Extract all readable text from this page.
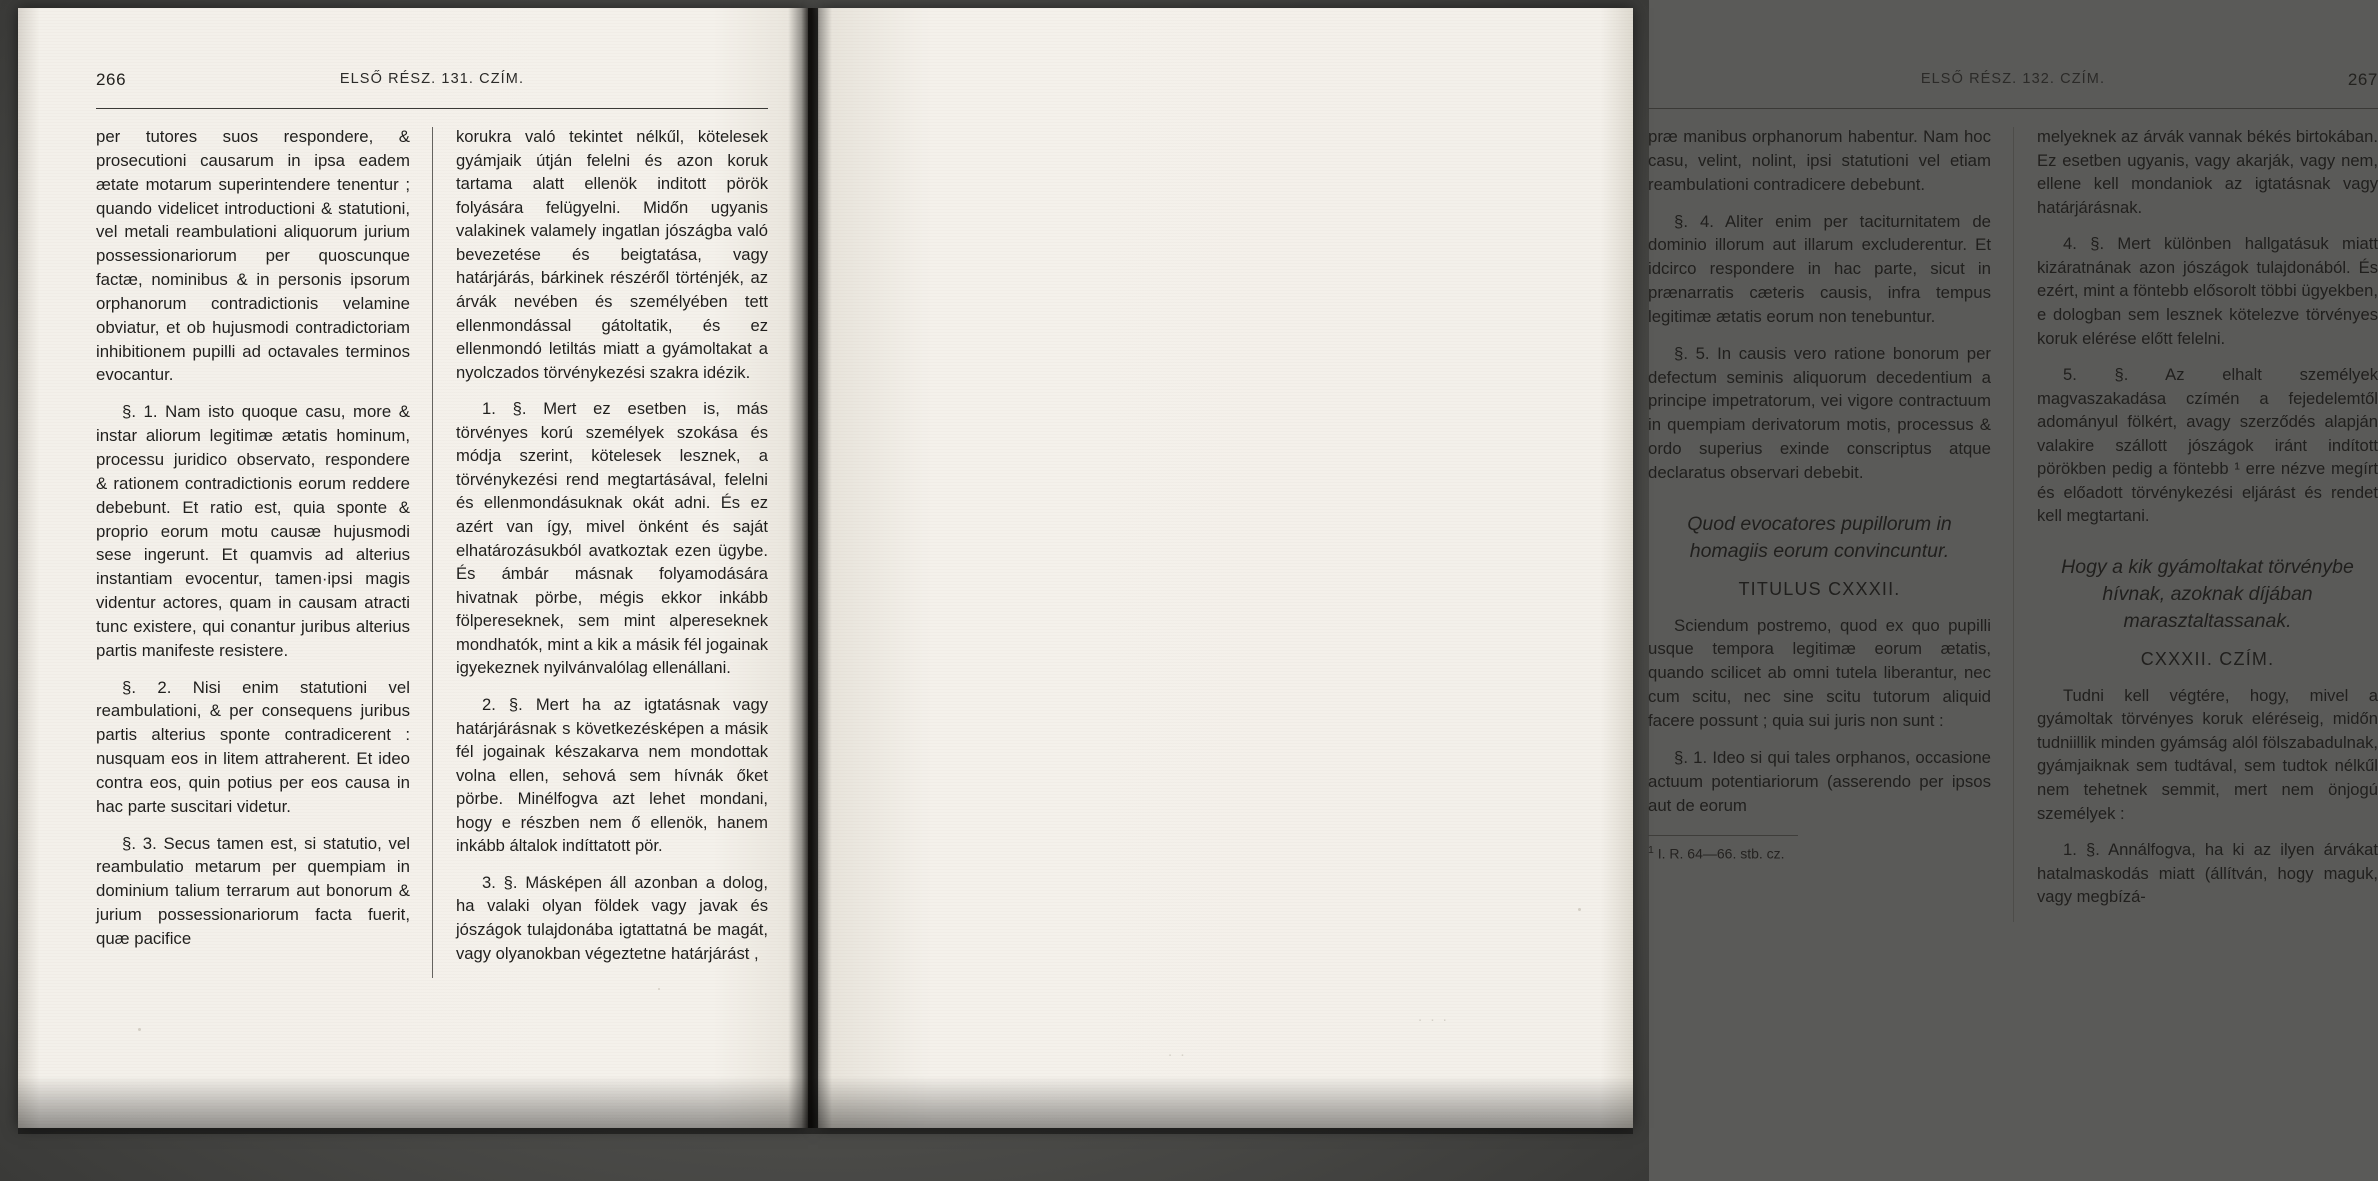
266	ELSŐ RÉSZ. 131. CZÍM.

per tutores suos respondere, & prosecutioni causarum in ipsa eadem ætate motarum superintendere tenentur ; quando videlicet introductioni & statutioni, vel metali reambulationi aliquorum jurium possessionariorum per quoscunque factæ, nominibus & in personis ipsorum orphanorum contradictionis velamine obviatur, et ob hujusmodi contradictoriam inhibitionem pupilli ad octavales terminos evocantur.

§. 1. Nam isto quoque casu, more & instar aliorum legitimæ ætatis hominum, processu juridico observato, respondere & rationem contradictionis eorum reddere debebunt. Et ratio est, quia sponte & proprio eorum motu causæ hujusmodi sese ingerunt. Et quamvis ad alterius instantiam evocentur, tamen·ipsi magis videntur actores, quam in causam atracti tunc existere, qui conantur juribus alterius partis manifeste resistere.

§. 2. Nisi enim statutioni vel reambulationi, & per consequens juribus partis alterius sponte contradicerent : nusquam eos in litem attraherent. Et ideo contra eos, quin potius per eos causa in hac parte suscitari videtur.

§. 3. Secus tamen est, si statutio, vel reambulatio metarum per quempiam in dominium talium terrarum aut bonorum & jurium possessionariorum facta fuerit, quæ pacifice

korukra való tekintet nélkűl, kötelesek gyámjaik útján felelni és azon koruk tartama alatt ellenök inditott pörök folyására felügyelni. Midőn ugyanis valakinek valamely ingatlan jószágba való bevezetése és beigtatása, vagy határjárás, bárkinek részéről történjék, az árvák nevében és személyében tett ellenmondással gátoltatik, és ez ellenmondó letiltás miatt a gyámoltakat a nyolczados törvénykezési szakra idézik.

1. §. Mert ez esetben is, más törvényes korú személyek szokása és módja szerint, kötelesek lesznek, a törvénykezési rend megtartásával, felelni és ellenmondásuknak okát adni. És ez azért van így, mivel önként és saját elhatározásukból avatkoztak ezen ügybe. És ámbár másnak folyamodására hivatnak pörbe, mégis ekkor inkább fölpereseknek, sem mint alpereseknek mondhatók, mint a kik a másik fél jogainak igyekeznek nyilvánvalólag ellenállani.

2. §. Mert ha az igtatásnak vagy határjárásnak s következésképen a másik fél jogainak készakarva nem mondottak volna ellen, sehová sem hívnák őket pörbe. Minélfogva azt lehet mondani, hogy e részben nem ő ellenök, hanem inkább általok indíttatott pör.

3. §. Másképen áll azonban a dolog, ha valaki olyan földek vagy javak és jószágok tulajdonába igtattatná be magát, vagy olyanokban végeztetne határjárást ,

ELSŐ RÉSZ. 132. CZÍM.	267

præ manibus orphanorum habentur. Nam hoc casu, velint, nolint, ipsi statutioni vel etiam reambulationi contradicere debebunt.

§. 4. Aliter enim per taciturnitatem de dominio illorum aut illarum excluderentur. Et idcirco respondere in hac parte, sicut in prænarratis cæteris causis, infra tempus legitimæ ætatis eorum non tenebuntur.

§. 5. In causis vero ratione bonorum per defectum seminis aliquorum decedentium a principe impetratorum, vei vigore contractuum in quempiam derivatorum motis, processus & ordo superius exinde conscriptus atque declaratus observari debebit.

Quod evocatores pupillorum in homagiis eorum convincuntur.
TITULUS CXXXII.

Sciendum postremo, quod ex quo pupilli usque tempora legitimæ eorum ætatis, quando scilicet ab omni tutela liberantur, nec cum scitu, nec sine scitu tutorum aliquid facere possunt ; quia sui juris non sunt :

§. 1. Ideo si qui tales orphanos, occasione actuum potentiariorum (asserendo per ipsos aut de eorum

$^1$ I. R. 64—66. stb. cz.

melyeknek az árvák vannak békés birtokában. Ez esetben ugyanis, vagy akarják, vagy nem, ellene kell mondaniok az igtatásnak vagy határjárásnak.

4. §. Mert különben hallgatásuk miatt kizáratnának azon jószágok tulajdonából. És ezért, mint a föntebb elősorolt többi ügyekben, e dologban sem lesznek kötelezve törvényes koruk elérése előtt felelni.

5. §. Az elhalt személyek magvaszakadása czímén a fejedelemtől adományul fölkért, avagy szerződés alapján valakire szállott jószágok iránt indított pörökben pedig a föntebb ¹ erre nézve megírt és előadott törvénykezési eljárást és rendet kell megtartani.

Hogy a kik gyámoltakat törvénybe hívnak, azoknak díjában marasztaltassanak.
CXXXII. CZÍM.

Tudni kell végtére, hogy, mivel a gyámoltak törvényes koruk eléréseig, midőn tudniillik minden gyámság alól fölszabadulnak, gyámjaiknak sem tudtával, sem tudtok nélkűl nem tehetnek semmit, mert nem önjogú személyek :

1. §. Annálfogva, ha ki az ilyen árvákat hatalmaskodás miatt (állítván, hogy maguk, vagy megbízá-

. . .
. .
